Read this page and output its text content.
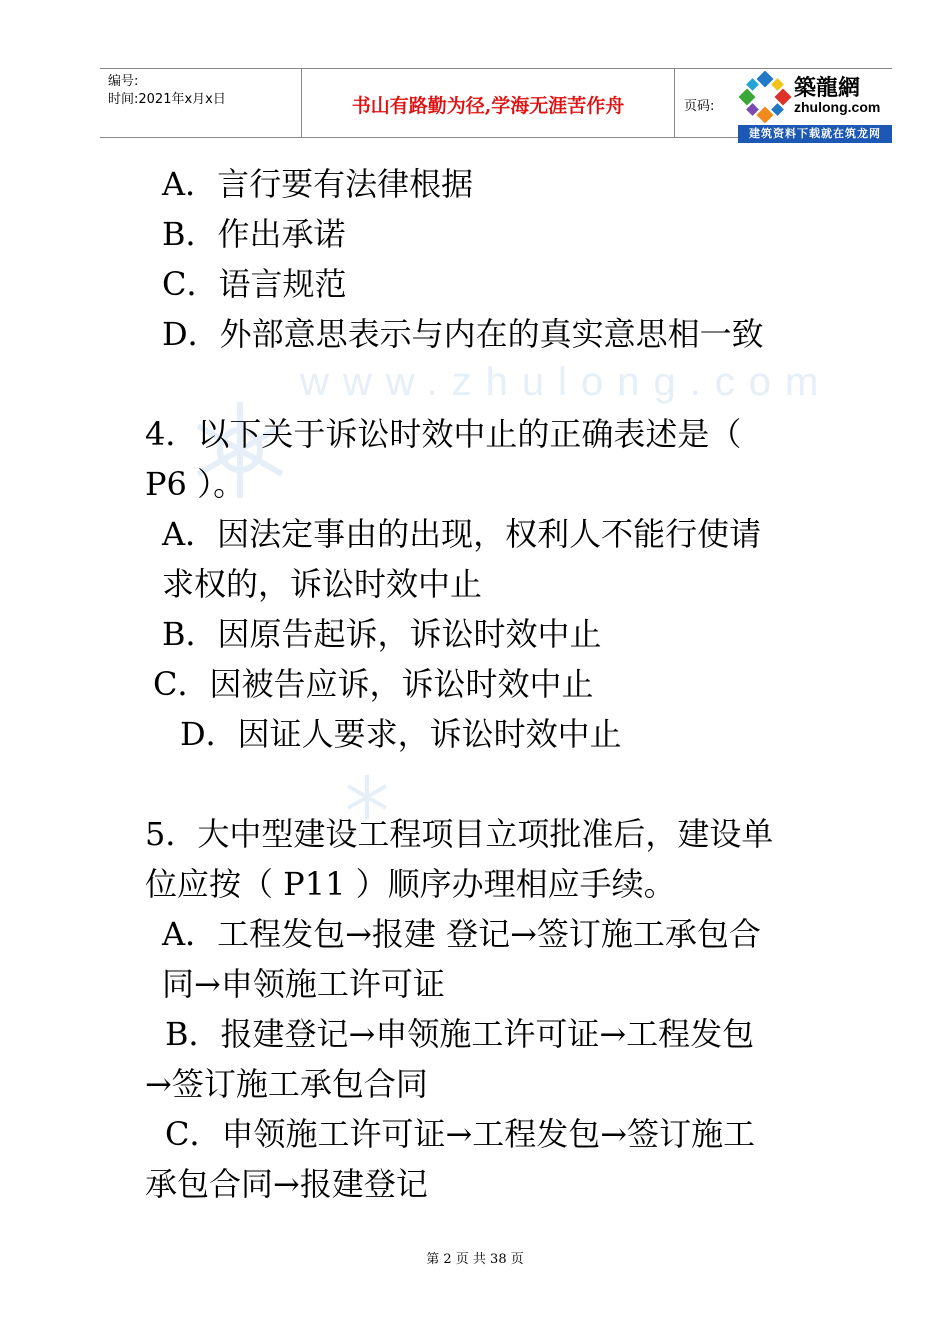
编号:
时间:2021年x月x日	书山有路勤为径,学海无涯苦作舟	页码:
築龍網
zhulong.com
建筑资料下载就在筑龙网
www.zhulong.com
A．言行要有法律根据
B．作出承诺
C．语言规范
D．外部意思表示与内在的真实意思相一致
4．以下关于诉讼时效中止的正确表述是（
P6 ）。
A．因法定事由的出现，权利人不能行使请
求权的，诉讼时效中止
B．因原告起诉，诉讼时效中止
C．因被告应诉，诉讼时效中止
D．因证人要求，诉讼时效中止
5．大中型建设工程项目立项批准后，建设单
位应按（ P11 ）顺序办理相应手续。
A．工程发包→报建 登记→签订施工承包合
同→申领施工许可证
B．报建登记→申领施工许可证→工程发包
→签订施工承包合同
C．申领施工许可证→工程发包→签订施工
承包合同→报建登记
第 2 页 共 38 页
